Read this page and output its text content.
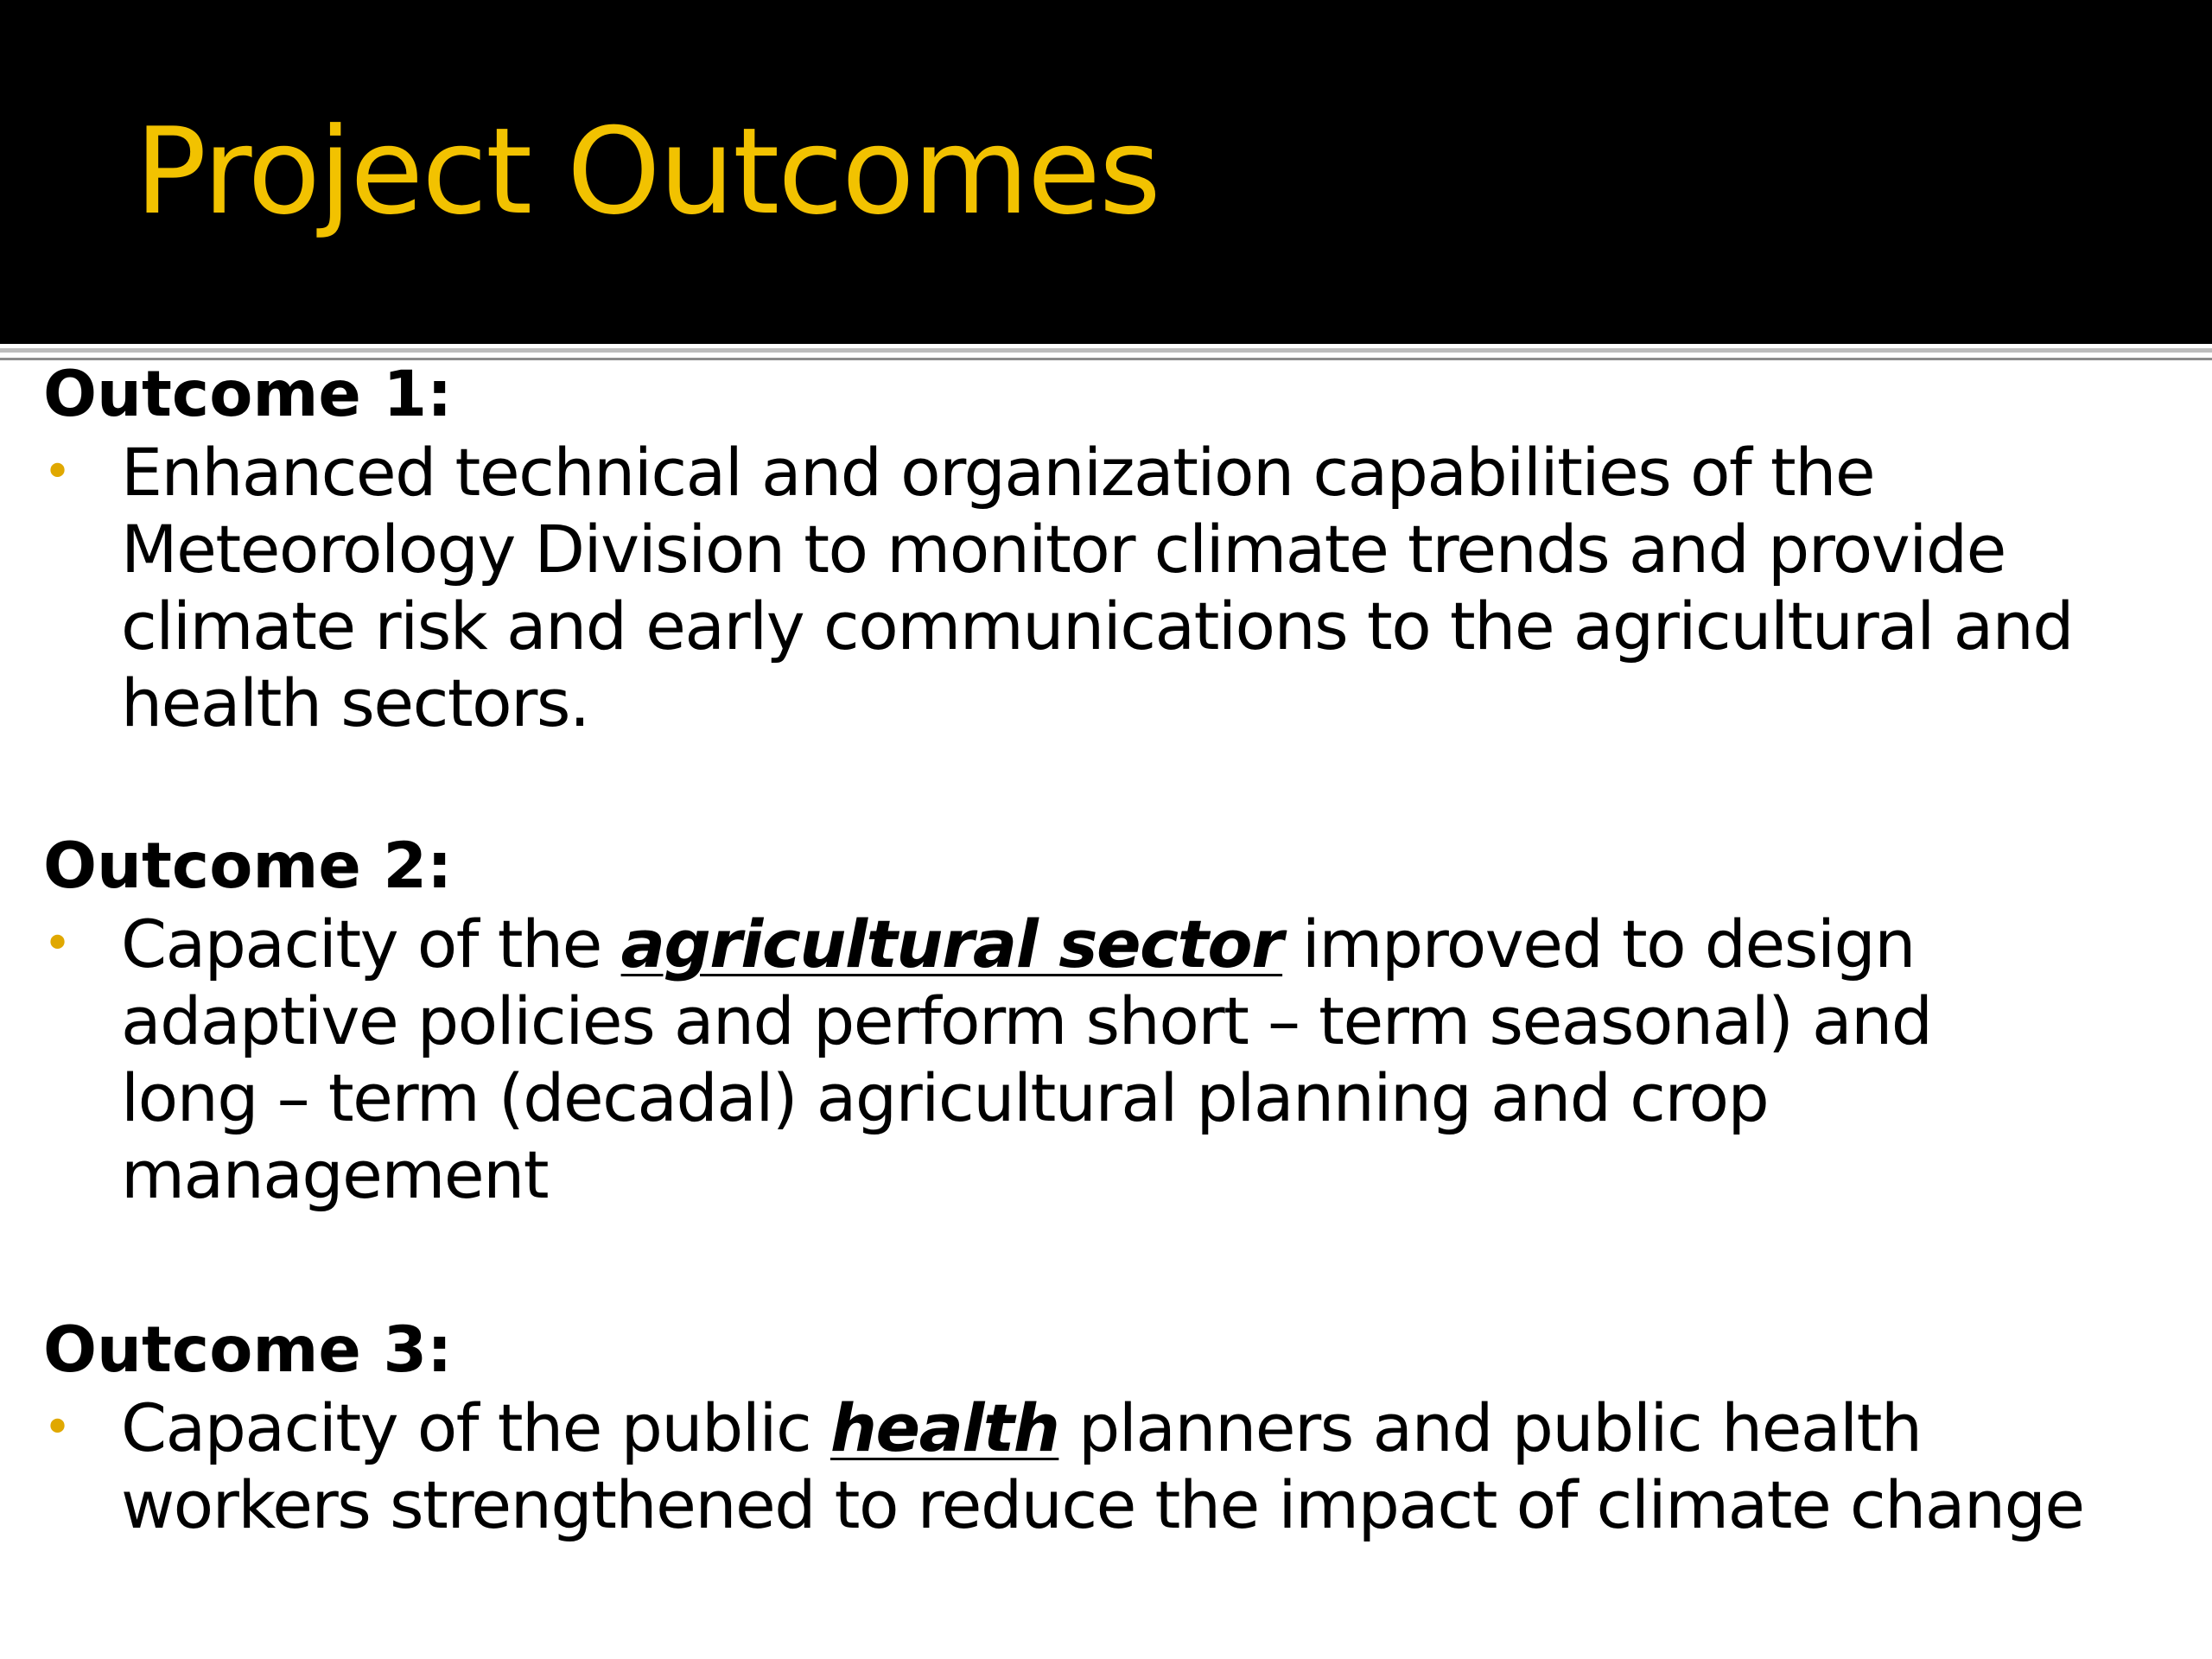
Project Outcomes
Outcome 1:
• Enhanced technical and organization capabilities of the
Meteorology Division to monitor climate trends and provide
climate risk and early communications to the agricultural and
health sectors.
Outcome 2:
• Capacity of the agricultural sector improved to design
adaptive policies and perform short – term seasonal) and
long – term (decadal) agricultural planning and crop
management
Outcome 3:
• Capacity of the public health planners and public health
workers strengthened to reduce the impact of climate change
